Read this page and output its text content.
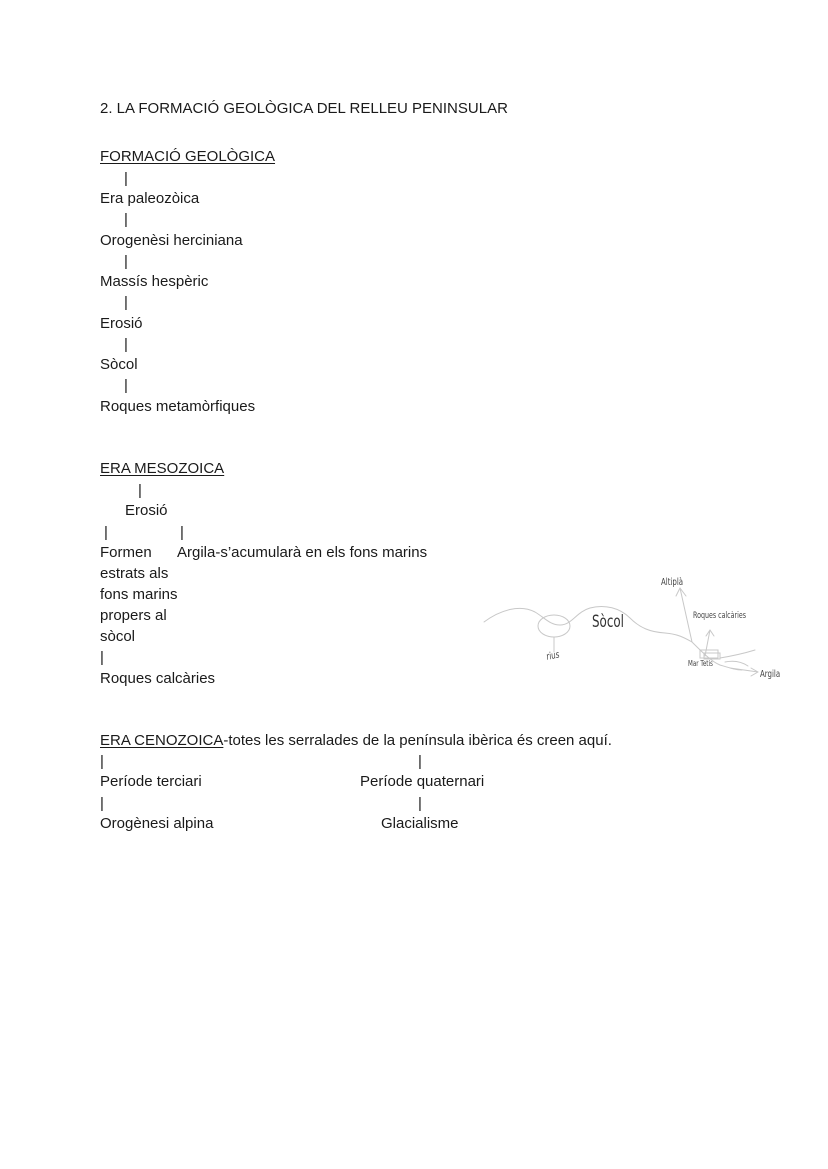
2. LA FORMACIÓ GEOLÒGICA DEL RELLEU PENINSULAR
FORMACIÓ GEOLÒGICA
|
Era paleozòica
|
Orogenèsi herciniana
|
Massís hespèric
|
Erosió
|
Sòcol
|
Roques metamòrfiques
ERA MESOZOICA
|
Erosió
|	|
Formen Argila-s’acumularà en els fons marins
estrats als
fons marins
propers al
sòcol
|
Roques calcàries
Altiplà
Roques calcàries
Sòcol
rius
Mar Tetis
Argila
ERA CENOZOICA-totes les serralades de la península ibèrica és creen aquí.
|	|
Període terciari	Període quaternari
|	|
Orogènesi alpina	Glacialisme
